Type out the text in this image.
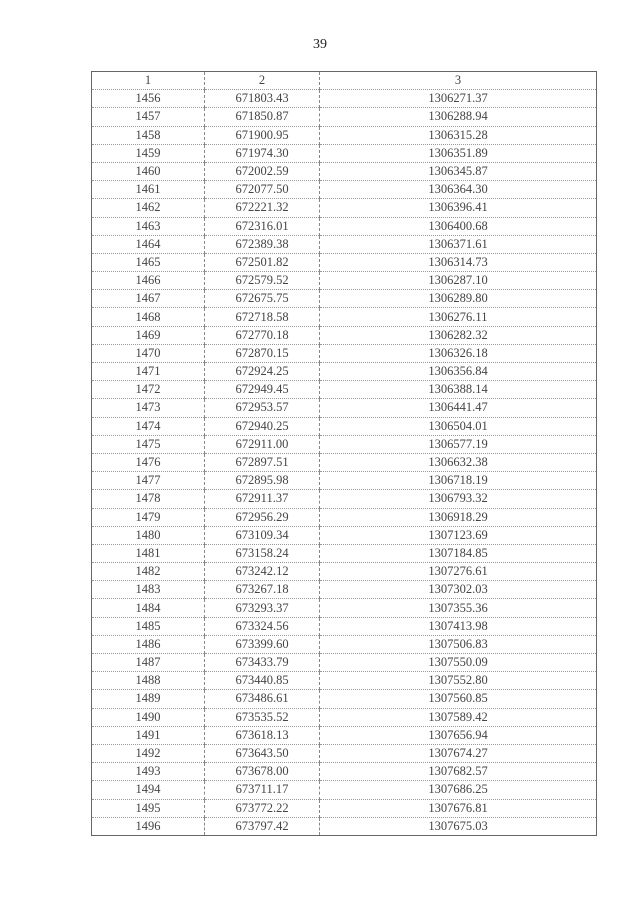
39
1	2	3
1456	671803.43	1306271.37
1457	671850.87	1306288.94
1458	671900.95	1306315.28
1459	671974.30	1306351.89
1460	672002.59	1306345.87
1461	672077.50	1306364.30
1462	672221.32	1306396.41
1463	672316.01	1306400.68
1464	672389.38	1306371.61
1465	672501.82	1306314.73
1466	672579.52	1306287.10
1467	672675.75	1306289.80
1468	672718.58	1306276.11
1469	672770.18	1306282.32
1470	672870.15	1306326.18
1471	672924.25	1306356.84
1472	672949.45	1306388.14
1473	672953.57	1306441.47
1474	672940.25	1306504.01
1475	672911.00	1306577.19
1476	672897.51	1306632.38
1477	672895.98	1306718.19
1478	672911.37	1306793.32
1479	672956.29	1306918.29
1480	673109.34	1307123.69
1481	673158.24	1307184.85
1482	673242.12	1307276.61
1483	673267.18	1307302.03
1484	673293.37	1307355.36
1485	673324.56	1307413.98
1486	673399.60	1307506.83
1487	673433.79	1307550.09
1488	673440.85	1307552.80
1489	673486.61	1307560.85
1490	673535.52	1307589.42
1491	673618.13	1307656.94
1492	673643.50	1307674.27
1493	673678.00	1307682.57
1494	673711.17	1307686.25
1495	673772.22	1307676.81
1496	673797.42	1307675.03
